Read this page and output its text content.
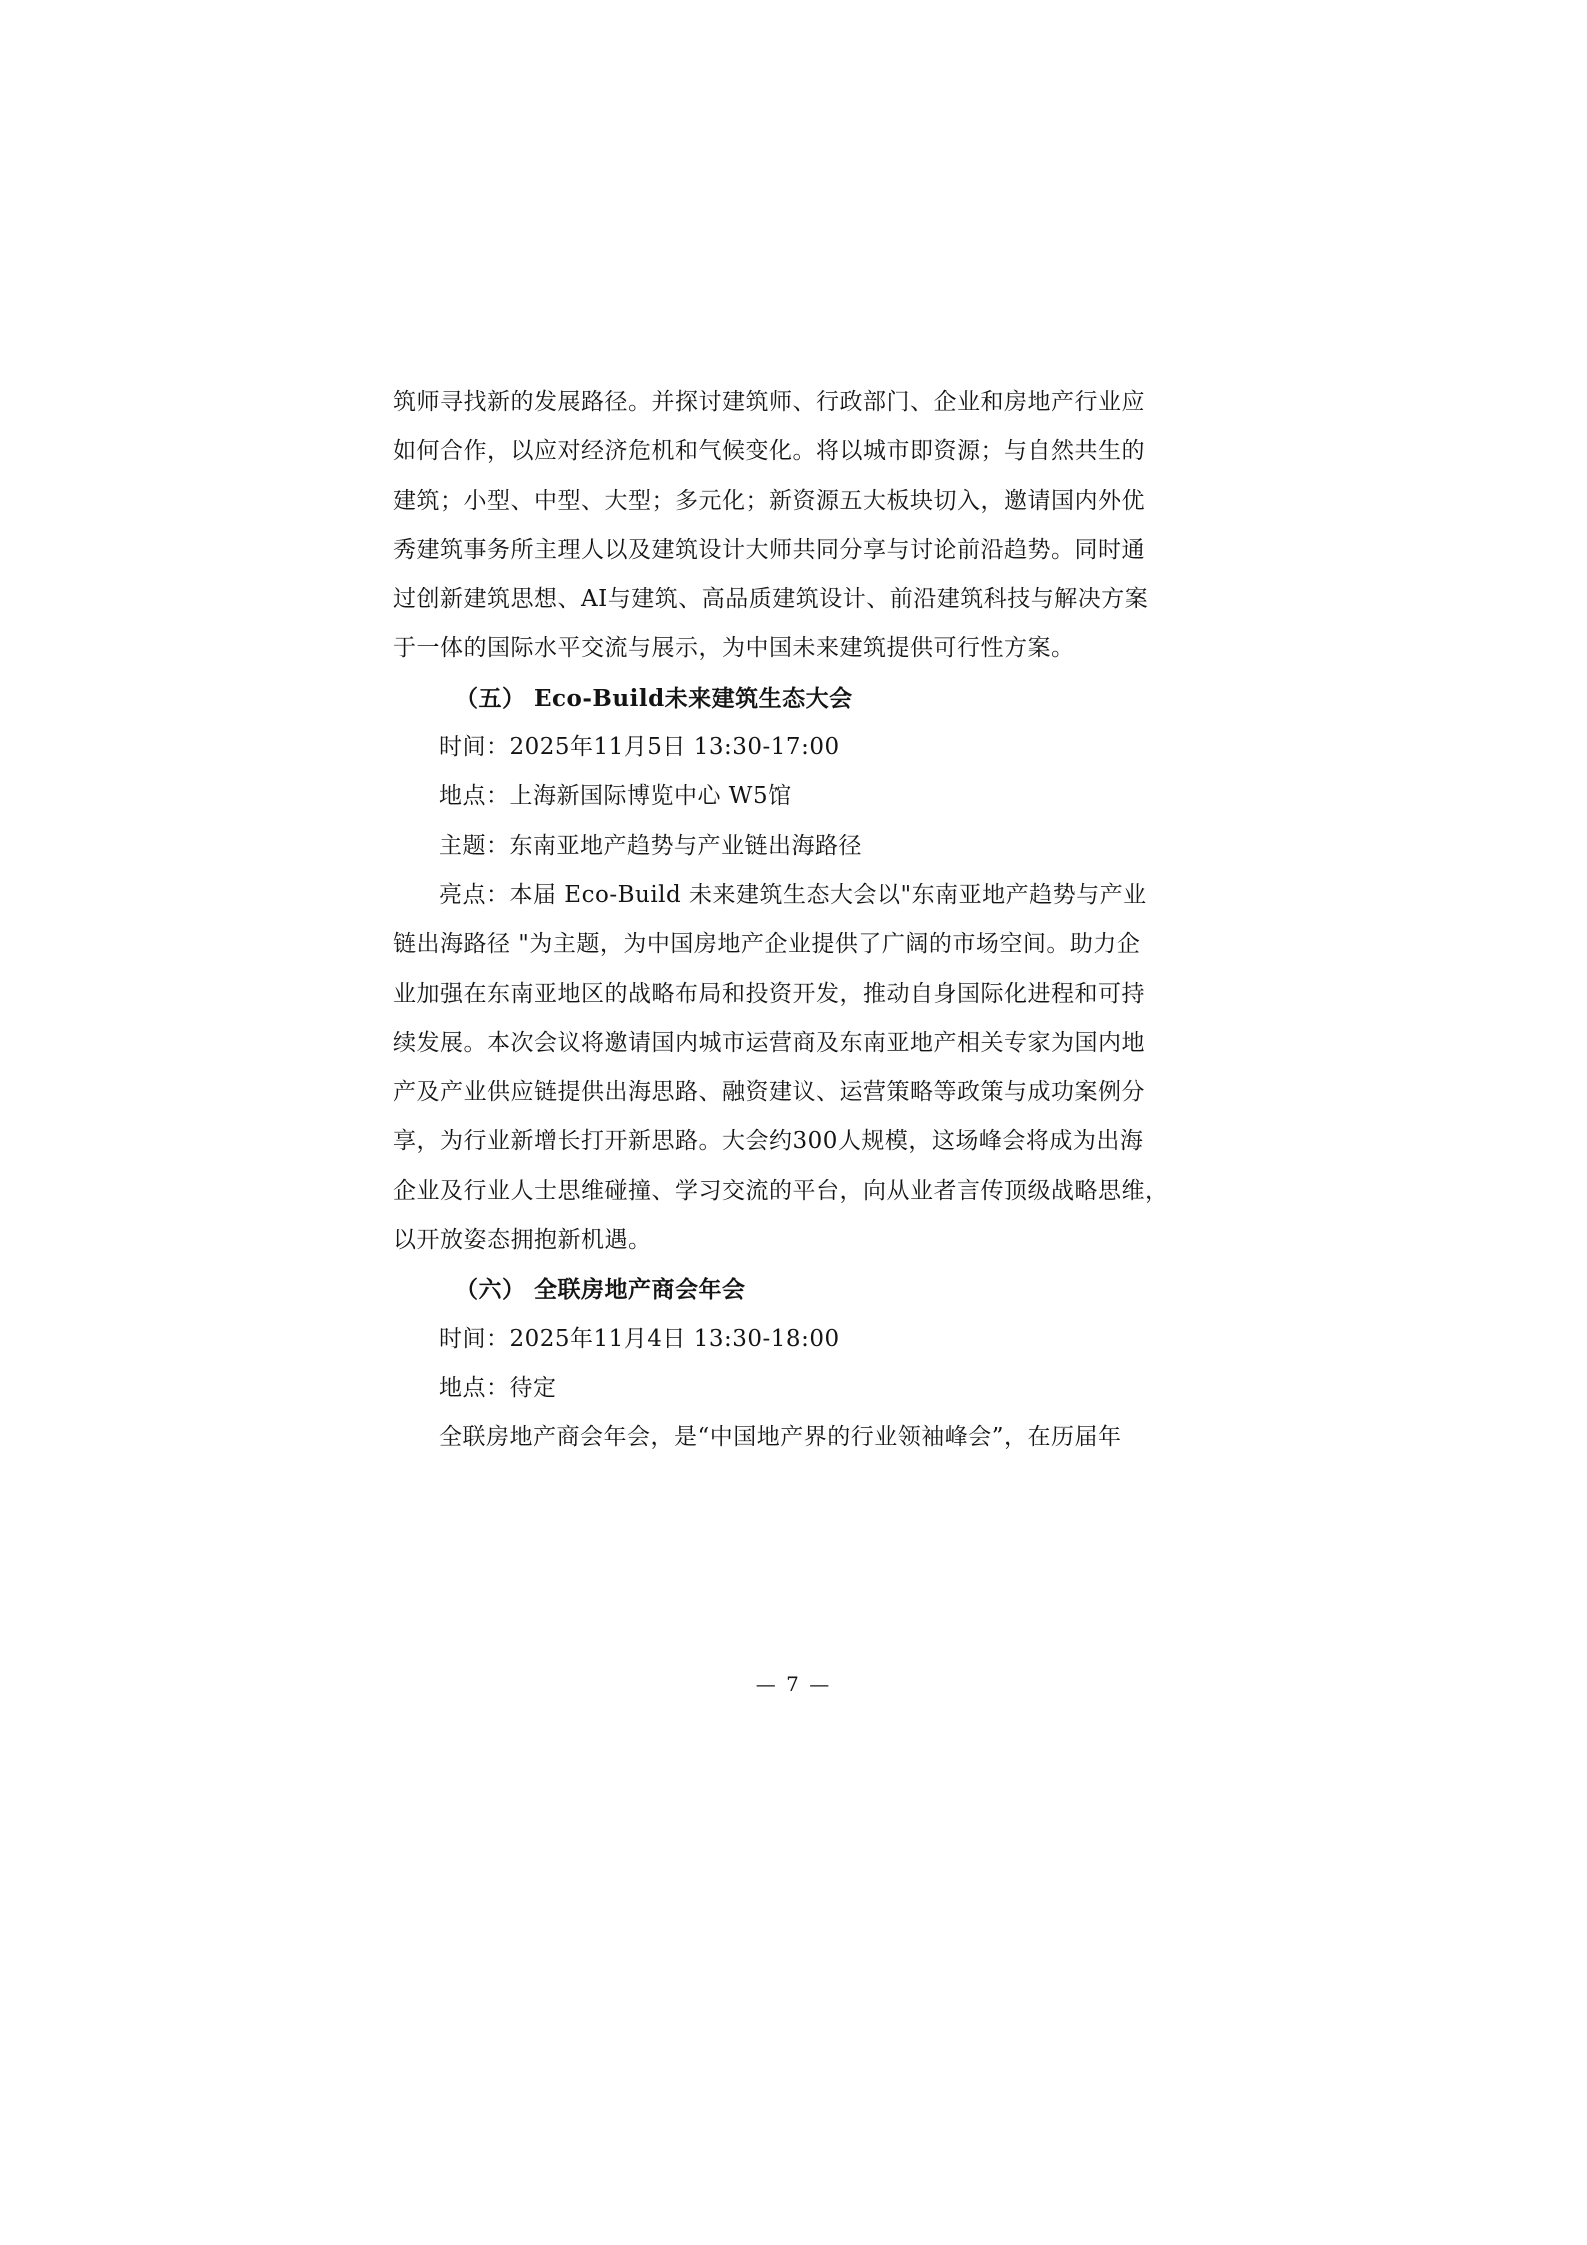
筑师寻找新的发展路径。并探讨建筑师、行政部门、企业和房地产行业应
如何合作，以应对经济危机和气候变化。将以城市即资源；与自然共生的
建筑；小型、中型、大型；多元化；新资源五大板块切入，邀请国内外优
秀建筑事务所主理人以及建筑设计大师共同分享与讨论前沿趋势。同时通
过创新建筑思想、AI与建筑、高品质建筑设计、前沿建筑科技与解决方案
于一体的国际水平交流与展示，为中国未来建筑提供可行性方案。
（五） Eco-Build未来建筑生态大会
时间：2025年11月5日 13:30-17:00
地点：上海新国际博览中心 W5馆
主题：东南亚地产趋势与产业链出海路径
亮点：本届 Eco-Build 未来建筑生态大会以"东南亚地产趋势与产业
链出海路径 "为主题，为中国房地产企业提供了广阔的市场空间。助力企
业加强在东南亚地区的战略布局和投资开发，推动自身国际化进程和可持
续发展。本次会议将邀请国内城市运营商及东南亚地产相关专家为国内地
产及产业供应链提供出海思路、融资建议、运营策略等政策与成功案例分
享，为行业新增长打开新思路。大会约300人规模，这场峰会将成为出海
企业及行业人士思维碰撞、学习交流的平台，向从业者言传顶级战略思维，
以开放姿态拥抱新机遇。
（六） 全联房地产商会年会
时间：2025年11月4日 13:30-18:00
地点：待定
全联房地产商会年会，是“中国地产界的行业领袖峰会”，在历届年
— 7 —
